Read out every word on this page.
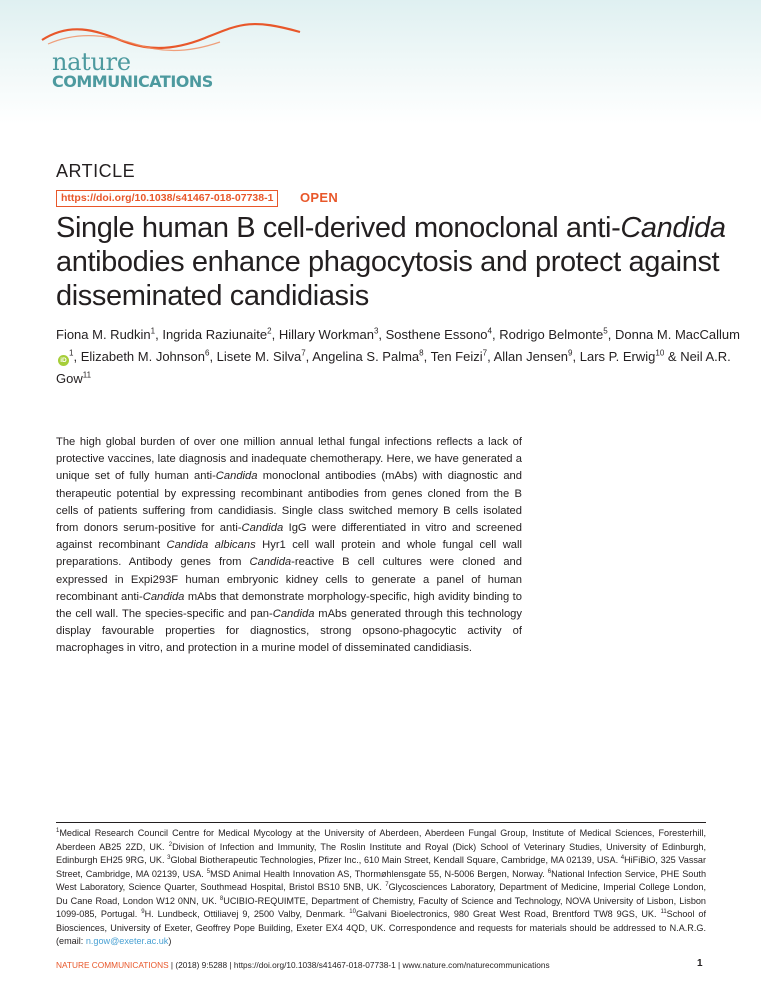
nature
COMMUNICATIONS
ARTICLE
https://doi.org/10.1038/s41467-018-07738-1	OPEN
Single human B cell-derived monoclonal anti-Candida antibodies enhance phagocytosis and protect against disseminated candidiasis
Fiona M. Rudkin$^1$, Ingrida Raziunaite$^2$, Hillary Workman$^3$, Sosthene Essono$^4$, Rodrigo Belmonte$^5$, Donna M. MacCallumiD$^1$, Elizabeth M. Johnson$^6$, Lisete M. Silva$^7$, Angelina S. Palma$^8$, Ten Feizi$^7$, Allan Jensen$^9$, Lars P. Erwig$^{10}$ & Neil A.R. Gow$^{11}$

The high global burden of over one million annual lethal fungal infections reflects a lack of protective vaccines, late diagnosis and inadequate chemotherapy. Here, we have generated a unique set of fully human anti-Candida monoclonal antibodies (mAbs) with diagnostic and therapeutic potential by expressing recombinant antibodies from genes cloned from the B cells of patients suffering from candidiasis. Single class switched memory B cells isolated from donors serum-positive for anti-Candida IgG were differentiated in vitro and screened against recombinant Candida albicans Hyr1 cell wall protein and whole fungal cell wall preparations. Antibody genes from Candida-reactive B cell cultures were cloned and expressed in Expi293F human embryonic kidney cells to generate a panel of human recombinant anti-Candida mAbs that demonstrate morphology-specific, high avidity binding to the cell wall. The species-specific and pan-Candida mAbs generated through this technology display favourable properties for diagnostics, strong opsono-phagocytic activity of macrophages in vitro, and protection in a murine model of disseminated candidiasis.

$^1$Medical Research Council Centre for Medical Mycology at the University of Aberdeen, Aberdeen Fungal Group, Institute of Medical Sciences, Foresterhill, Aberdeen AB25 2ZD, UK. $^2$Division of Infection and Immunity, The Roslin Institute and Royal (Dick) School of Veterinary Studies, University of Edinburgh, Edinburgh EH25 9RG, UK. $^3$Global Biotherapeutic Technologies, Pfizer Inc., 610 Main Street, Kendall Square, Cambridge, MA 02139, USA. $^4$HiFiBiO, 325 Vassar Street, Cambridge, MA 02139, USA. $^5$MSD Animal Health Innovation AS, Thormøhlensgate 55, N-5006 Bergen, Norway. $^6$National Infection Service, PHE South West Laboratory, Science Quarter, Southmead Hospital, Bristol BS10 5NB, UK. $^7$Glycosciences Laboratory, Department of Medicine, Imperial College London, Du Cane Road, London W12 0NN, UK. $^8$UCIBIO-REQUIMTE, Department of Chemistry, Faculty of Science and Technology, NOVA University of Lisbon, Lisbon 1099-085, Portugal. $^9$H. Lundbeck, Ottiliavej 9, 2500 Valby, Denmark. $^{10}$Galvani Bioelectronics, 980 Great West Road, Brentford TW8 9GS, UK. $^{11}$School of Biosciences, University of Exeter, Geoffrey Pope Building, Exeter EX4 4QD, UK. Correspondence and requests for materials should be addressed to N.A.R.G. (email: n.gow@exeter.ac.uk)

NATURE COMMUNICATIONS | (2018) 9:5288 | https://doi.org/10.1038/s41467-018-07738-1 | www.nature.com/naturecommunications	1
